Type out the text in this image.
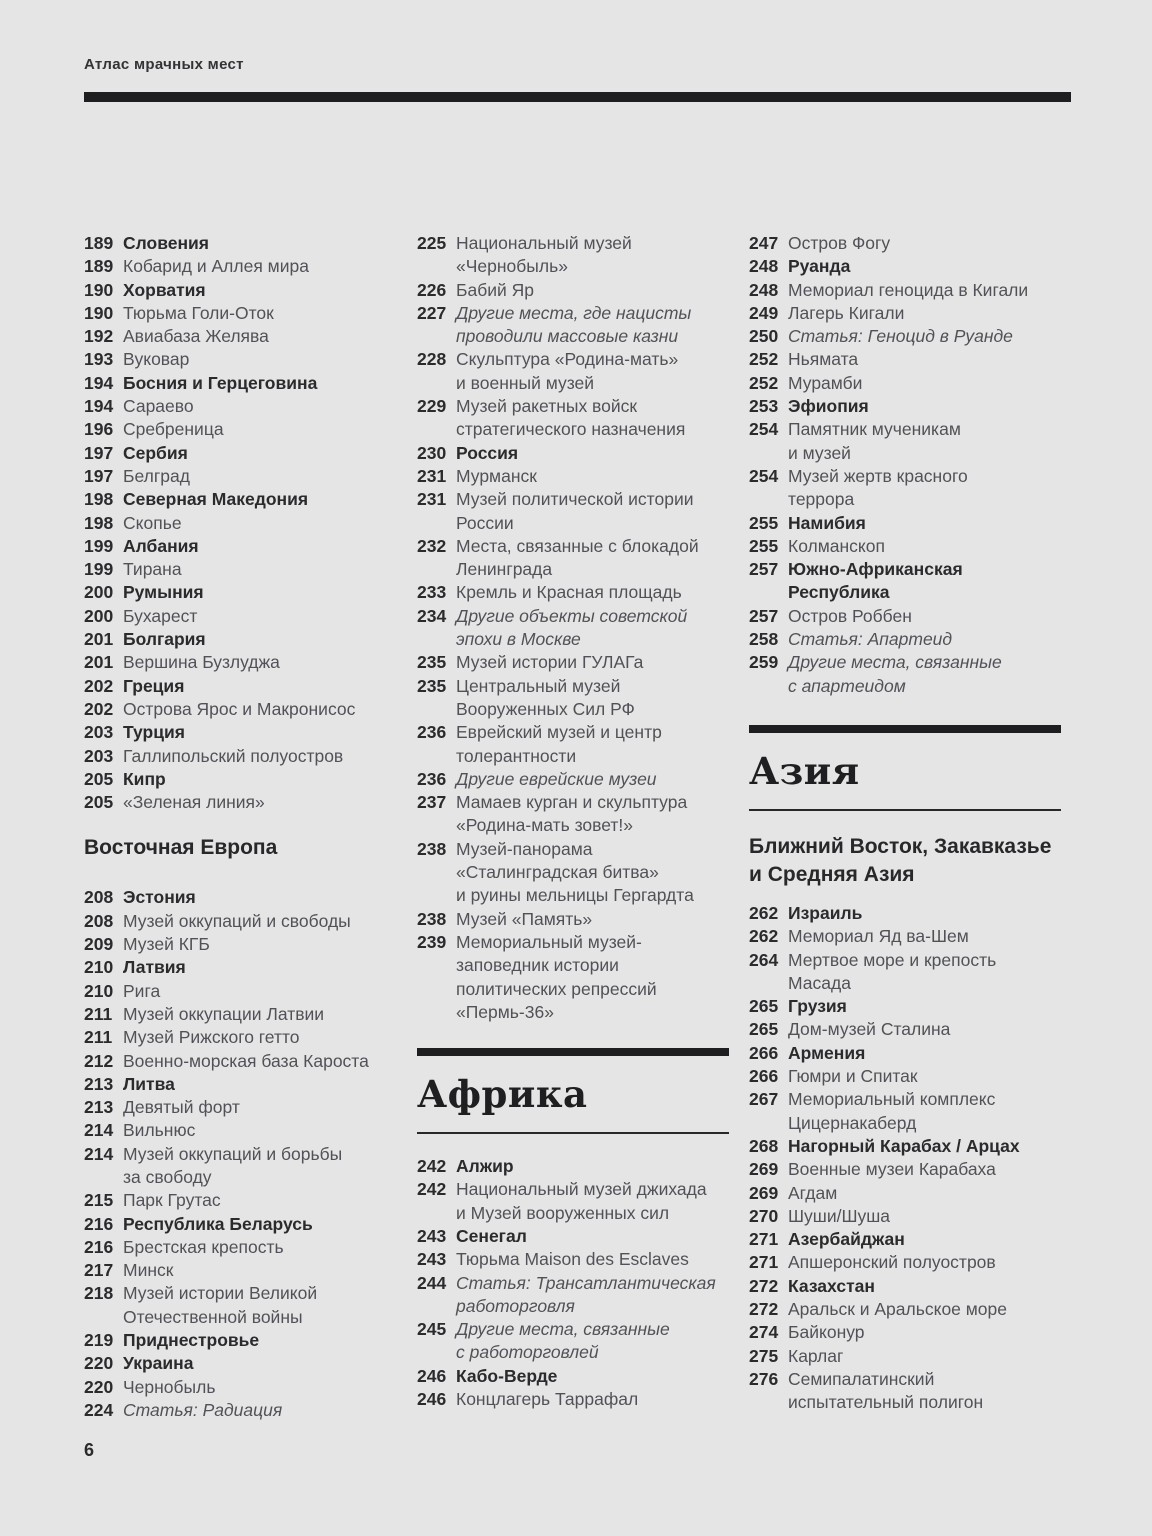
Атлас мрачных мест
189 Словения
189 Кобарид и Аллея мира
190 Хорватия
190 Тюрьма Голи-Оток
192 Авиабаза Желява
193 Вуковар
194 Босния и Герцеговина
194 Сараево
196 Сребреница
197 Сербия
197 Белград
198 Северная Македония
198 Скопье
199 Албания
199 Тирана
200 Румыния
200 Бухарест
201 Болгария
201 Вершина Бузлуджа
202 Греция
202 Острова Ярос и Макронисос
203 Турция
203 Галлипольский полуостров
205 Кипр
205 «Зеленая линия»
Восточная Европа
208 Эстония
208 Музей оккупаций и свободы
209 Музей КГБ
210 Латвия
210 Рига
211 Музей оккупации Латвии
211 Музей Рижского гетто
212 Военно-морская база Кароста
213 Литва
213 Девятый форт
214 Вильнюс
214 Музей оккупаций и борьбы
за свободу
215 Парк Грутас
216 Республика Беларусь
216 Брестская крепость
217 Минск
218 Музей истории Великой
Отечественной войны
219 Приднестровье
220 Украина
220 Чернобыль
224 Статья: Радиация
225 Национальный музей
«Чернобыль»
226 Бабий Яр
227 Другие места, где нацисты
проводили массовые казни
228 Скульптура «Родина-мать»
и военный музей
229 Музей ракетных войск
стратегического назначения
230 Россия
231 Мурманск
231 Музей политической истории
России
232 Места, связанные с блокадой
Ленинграда
233 Кремль и Красная площадь
234 Другие объекты советской
эпохи в Москве
235 Музей истории ГУЛАГа
235 Центральный музей
Вооруженных Сил РФ
236 Еврейский музей и центр
толерантности
236 Другие еврейские музеи
237 Мамаев курган и скульптура
«Родина-мать зовет!»
238 Музей-панорама
«Сталинградская битва»
и руины мельницы Гергардта
238 Музей «Память»
239 Мемориальный музей-
заповедник истории
политических репрессий
«Пермь-36»
Африка
242 Алжир
242 Национальный музей джихада
и Музей вооруженных сил
243 Сенегал
243 Тюрьма Maison des Esclaves
244 Статья: Трансатлантическая
работорговля
245 Другие места, связанные
с работорговлей
246 Кабо-Верде
246 Концлагерь Таррафал
247 Остров Фогу
248 Руанда
248 Мемориал геноцида в Кигали
249 Лагерь Кигали
250 Статья: Геноцид в Руанде
252 Ньямата
252 Мурамби
253 Эфиопия
254 Памятник мученикам
и музей
254 Музей жертв красного
террора
255 Намибия
255 Колманскоп
257 Южно-Африканская
Республика
257 Остров Роббен
258 Статья: Апартеид
259 Другие места, связанные
с апартеидом
Азия
Ближний Восток, Закавказье
и Средняя Азия
262 Израиль
262 Мемориал Яд ва-Шем
264 Мертвое море и крепость
Масада
265 Грузия
265 Дом-музей Сталина
266 Армения
266 Гюмри и Спитак
267 Мемориальный комплекс
Цицернакаберд
268 Нагорный Карабах / Арцах
269 Военные музеи Карабаха
269 Агдам
270 Шуши/Шуша
271 Азербайджан
271 Апшеронский полуостров
272 Казахстан
272 Аральск и Аральское море
274 Байконур
275 Карлаг
276 Семипалатинский
испытательный полигон
6
